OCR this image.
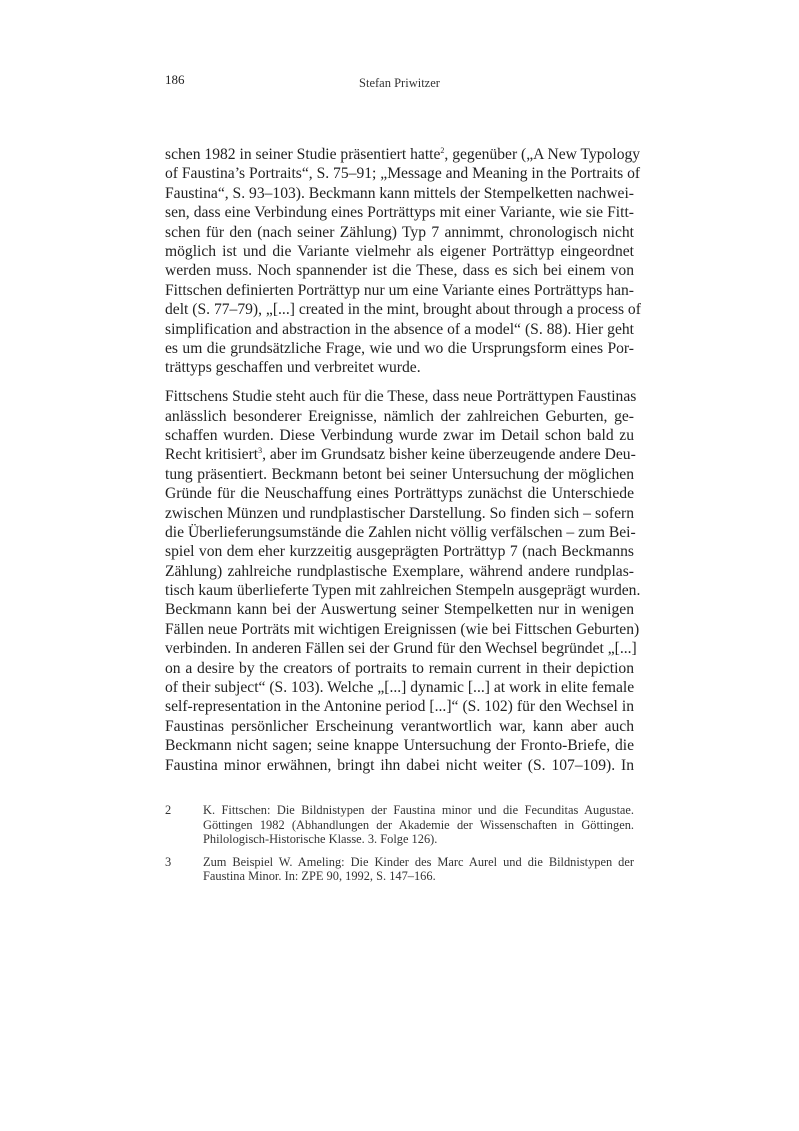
186	Stefan Priwitzer
schen 1982 in seiner Studie präsentiert hatte$^2$, gegenüber („A New Typology
of Faustina’s Portraits“, S. 75–91; „Message and Meaning in the Portraits of
Faustina“, S. 93–103). Beckmann kann mittels der Stempelketten nachwei-
sen, dass eine Verbindung eines Porträttyps mit einer Variante, wie sie Fitt-
schen für den (nach seiner Zählung) Typ 7 annimmt, chronologisch nicht
möglich ist und die Variante vielmehr als eigener Porträttyp eingeordnet
werden muss. Noch spannender ist die These, dass es sich bei einem von
Fittschen definierten Porträttyp nur um eine Variante eines Porträttyps han-
delt (S. 77–79), „[...] created in the mint, brought about through a process of
simplification and abstraction in the absence of a model“ (S. 88). Hier geht
es um die grundsätzliche Frage, wie und wo die Ursprungsform eines Por-
trättyps geschaffen und verbreitet wurde.
Fittschens Studie steht auch für die These, dass neue Porträttypen Faustinas
anlässlich besonderer Ereignisse, nämlich der zahlreichen Geburten, ge-
schaffen wurden. Diese Verbindung wurde zwar im Detail schon bald zu
Recht kritisiert$^3$, aber im Grundsatz bisher keine überzeugende andere Deu-
tung präsentiert. Beckmann betont bei seiner Untersuchung der möglichen
Gründe für die Neuschaffung eines Porträttyps zunächst die Unterschiede
zwischen Münzen und rundplastischer Darstellung. So finden sich – sofern
die Überlieferungsumstände die Zahlen nicht völlig verfälschen – zum Bei-
spiel von dem eher kurzzeitig ausgeprägten Porträttyp 7 (nach Beckmanns
Zählung) zahlreiche rundplastische Exemplare, während andere rundplas-
tisch kaum überlieferte Typen mit zahlreichen Stempeln ausgeprägt wurden.
Beckmann kann bei der Auswertung seiner Stempelketten nur in wenigen
Fällen neue Porträts mit wichtigen Ereignissen (wie bei Fittschen Geburten)
verbinden. In anderen Fällen sei der Grund für den Wechsel begründet „[...]
on a desire by the creators of portraits to remain current in their depiction
of their subject“ (S. 103). Welche „[...] dynamic [...] at work in elite female
self-representation in the Antonine period [...]“ (S. 102) für den Wechsel in
Faustinas persönlicher Erscheinung verantwortlich war, kann aber auch
Beckmann nicht sagen; seine knappe Untersuchung der Fronto-Briefe, die
Faustina minor erwähnen, bringt ihn dabei nicht weiter (S. 107–109). In
2	K. Fittschen: Die Bildnistypen der Faustina minor und die Fecunditas Augustae.
Göttingen 1982 (Abhandlungen der Akademie der Wissenschaften in Göttingen.
Philologisch-Historische Klasse. 3. Folge 126).
3	Zum Beispiel W. Ameling: Die Kinder des Marc Aurel und die Bildnistypen der
Faustina Minor. In: ZPE 90, 1992, S. 147–166.
